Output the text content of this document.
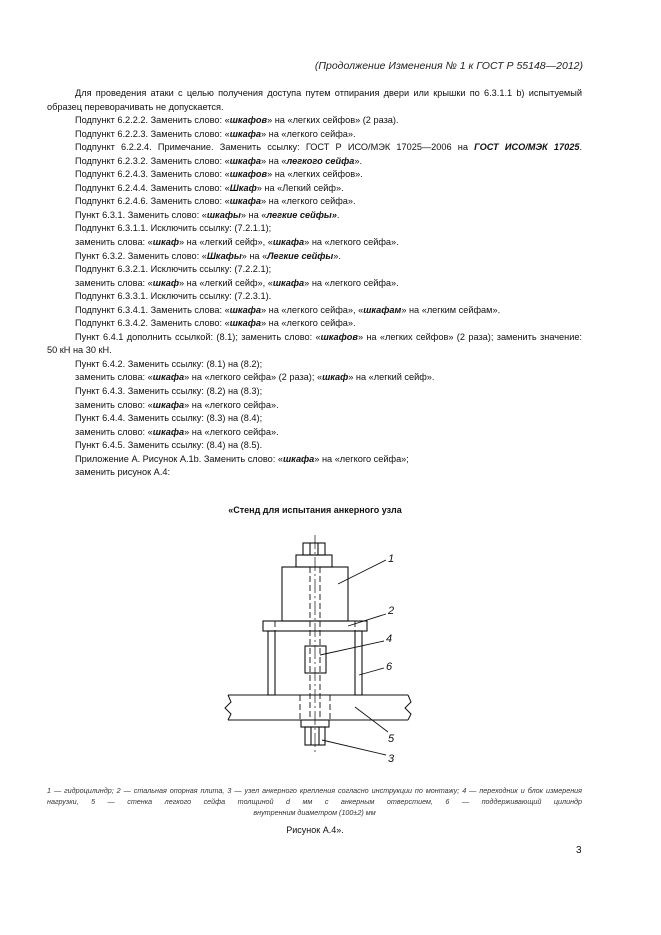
(Продолжение Изменения № 1 к ГОСТ Р 55148—2012)

Для проведения атаки с целью получения доступа путем отпирания двери или крышки по 6.3.1.1 b) испытуемый образец переворачивать не допускается.

Подпункт 6.2.2.2. Заменить слово: «шкафов» на «легких сейфов» (2 раза).

Подпункт 6.2.2.3. Заменить слово: «шкафа» на «легкого сейфа».

Подпункт 6.2.2.4. Примечание. Заменить ссылку: ГОСТ Р ИСО/МЭК 17025—2006 на ГОСТ ИСО/МЭК 17025.

Подпункт 6.2.3.2. Заменить слово: «шкафа» на «легкого сейфа».

Подпункт 6.2.4.3. Заменить слово: «шкафов» на «легких сейфов».

Подпункт 6.2.4.4. Заменить слово: «Шкаф» на «Легкий сейф».

Подпункт 6.2.4.6. Заменить слово: «шкафа» на «легкого сейфа».

Пункт 6.3.1. Заменить слово: «шкафы» на «легкие сейфы».

Подпункт 6.3.1.1. Исключить ссылку: (7.2.1.1);

заменить слова: «шкаф» на «легкий сейф», «шкафа» на «легкого сейфа».

Пункт 6.3.2. Заменить слово: «Шкафы» на «Легкие сейфы».

Подпункт 6.3.2.1. Исключить ссылку: (7.2.2.1);

заменить слова: «шкаф» на «легкий сейф», «шкафа» на «легкого сейфа».

Подпункт 6.3.3.1. Исключить ссылку: (7.2.3.1).

Подпункт 6.3.4.1. Заменить слова: «шкафа» на «легкого сейфа», «шкафам» на «легким сейфам».

Подпункт 6.3.4.2. Заменить слово: «шкафа» на «легкого сейфа».

Пункт 6.4.1 дополнить ссылкой: (8.1); заменить слово: «шкафов» на «легких сейфов» (2 раза); заменить значение: 50 кН на 30 кН.

Пункт 6.4.2. Заменить ссылку: (8.1) на (8.2);

заменить слова: «шкафа» на «легкого сейфа» (2 раза); «шкаф» на «легкий сейф».

Пункт 6.4.3. Заменить ссылку: (8.2) на (8.3);

заменить слово: «шкафа» на «легкого сейфа».

Пункт 6.4.4. Заменить ссылку: (8.3) на (8.4);

заменить слово: «шкафа» на «легкого сейфа».

Пункт 6.4.5. Заменить ссылку: (8.4) на (8.5).

Приложение А. Рисунок А.1b. Заменить слово: «шкафа» на «легкого сейфа»;

заменить рисунок А.4:

«Стенд для испытания анкерного узла
1
2
4
6
5
3
1 — гидроцилиндр; 2 — стальная опорная плита, 3 — узел анкерного крепления согласно инструкции по монтажу; 4 — переходник и блок измерения нагрузки, 5 — стенка легкого сейфа толщиной d мм с анкерным отверстием, 6 — поддерживающий цилиндр
внутренним диаметром (100±2) мм
Рисунок А.4».
3
